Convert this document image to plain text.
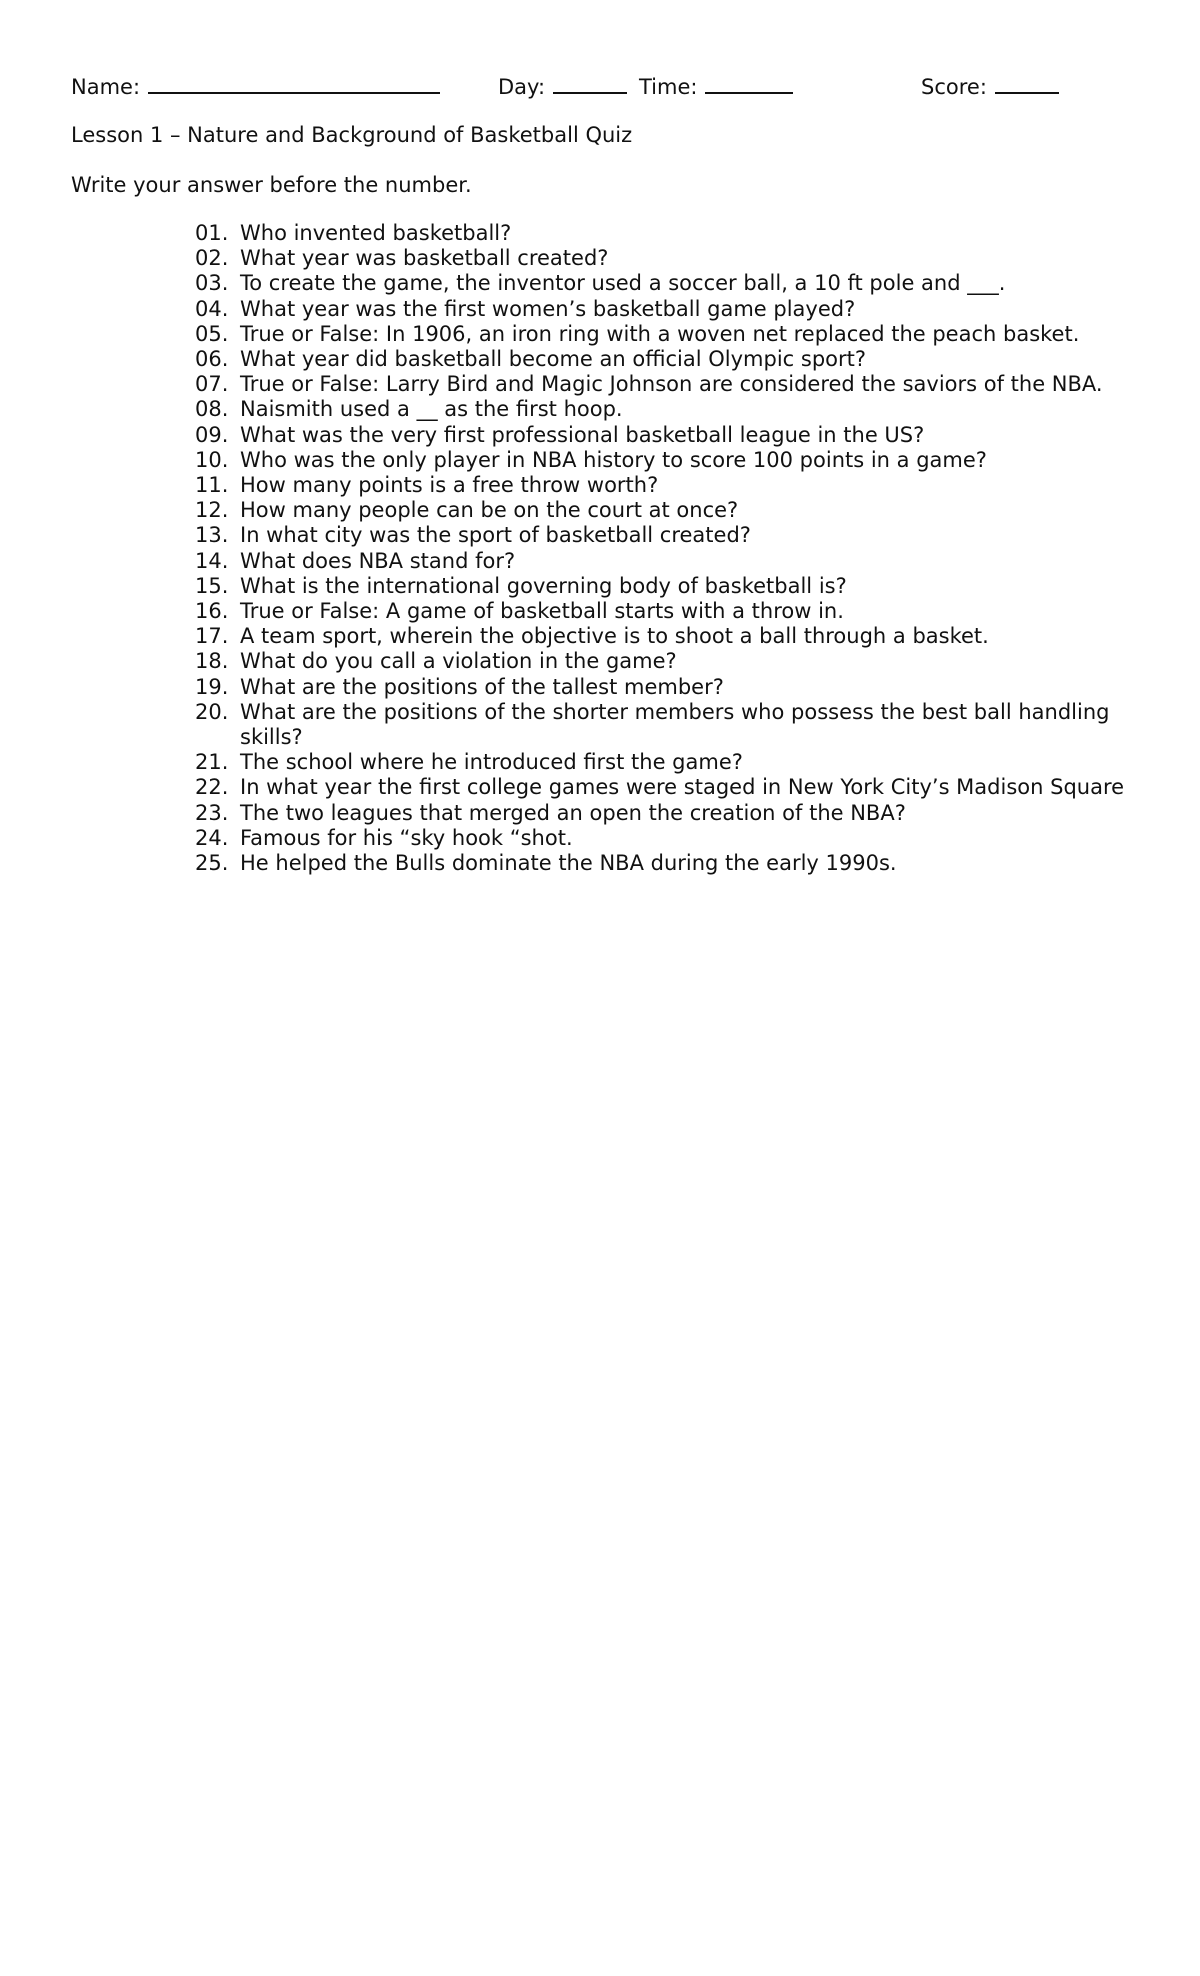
Name:	Day:	Time:	Score:
Lesson 1 – Nature and Background of Basketball Quiz
Write your answer before the number.
01. Who invented basketball?
02. What year was basketball created?
03. To create the game, the inventor used a soccer ball, a 10 ft pole and ___.
04. What year was the first women’s basketball game played?
05. True or False: In 1906, an iron ring with a woven net replaced the peach basket.
06. What year did basketball become an official Olympic sport?
07. True or False: Larry Bird and Magic Johnson are considered the saviors of the NBA.
08. Naismith used a __ as the first hoop.
09. What was the very first professional basketball league in the US?
10. Who was the only player in NBA history to score 100 points in a game?
11. How many points is a free throw worth?
12. How many people can be on the court at once?
13. In what city was the sport of basketball created?
14. What does NBA stand for?
15. What is the international governing body of basketball is?
16. True or False: A game of basketball starts with a throw in.
17. A team sport, wherein the objective is to shoot a ball through a basket.
18. What do you call a violation in the game?
19. What are the positions of the tallest member?
20. What are the positions of the shorter members who possess the best ball handling skills?
21. The school where he introduced first the game?
22. In what year the first college games were staged in New York City’s Madison Square
23. The two leagues that merged an open the creation of the NBA?
24. Famous for his “sky hook “shot.
25. He helped the Bulls dominate the NBA during the early 1990s.
